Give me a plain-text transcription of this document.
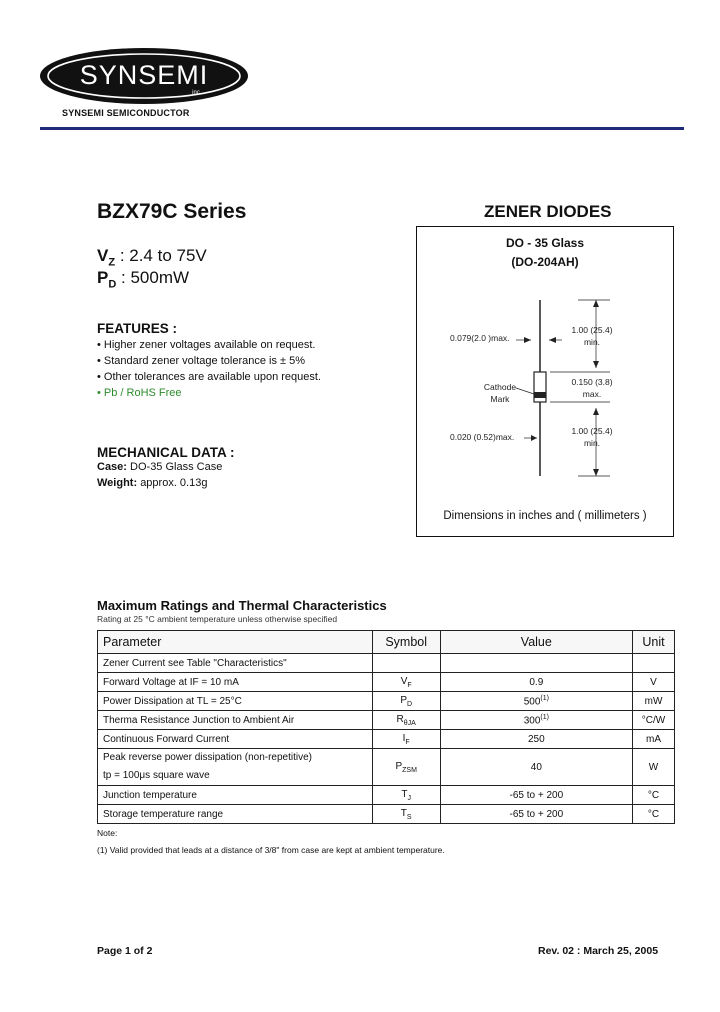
SYNSEMI
inc
SYNSEMI SEMICONDUCTOR
BZX79C Series	ZENER DIODES
$V_Z$ : 2.4 to 75V
$P_D$ : 500mW
FEATURES :
• Higher zener voltages available on request.
• Standard zener voltage tolerance is ± 5%
• Other tolerances are available upon request.
• Pb / RoHS Free
MECHANICAL DATA :
Case: DO-35 Glass Case
Weight: approx. 0.13g
DO - 35 Glass
(DO-204AH)
1.00 (25.4)
min.
0.150 (3.8)
max.
1.00 (25.4)
min.
0.079(2.0 )max.
Cathode
Mark
0.020 (0.52)max.
Dimensions in inches and ( millimeters )
Maximum Ratings and Thermal Characteristics
Rating at 25 °C ambient temperature unless otherwise specified
Parameter	Symbol	Value	Unit
Zener Current see Table "Characteristics"			
Forward Voltage at IF = 10 mA	$V_F$	0.9	V
Power Dissipation at TL = 25°C	$P_D$	500$^{(1)}$	mW
Therma Resistance Junction to Ambient Air	$R_{\theta JA}$	300$^{(1)}$	°C/W
Continuous Forward Current	$I_F$	250	mA

Peak reverse power dissipation (non-repetitive)
tp = 100μs square wave	$P_{ZSM}$	40	W
Junction temperature	$T_J$	-65 to + 200	°C
Storage temperature range	$T_S$	-65 to + 200	°C
Note:
(1) Valid provided that leads at a distance of 3/8" from case are kept at ambient temperature.
Page 1 of 2	Rev. 02 : March 25, 2005
